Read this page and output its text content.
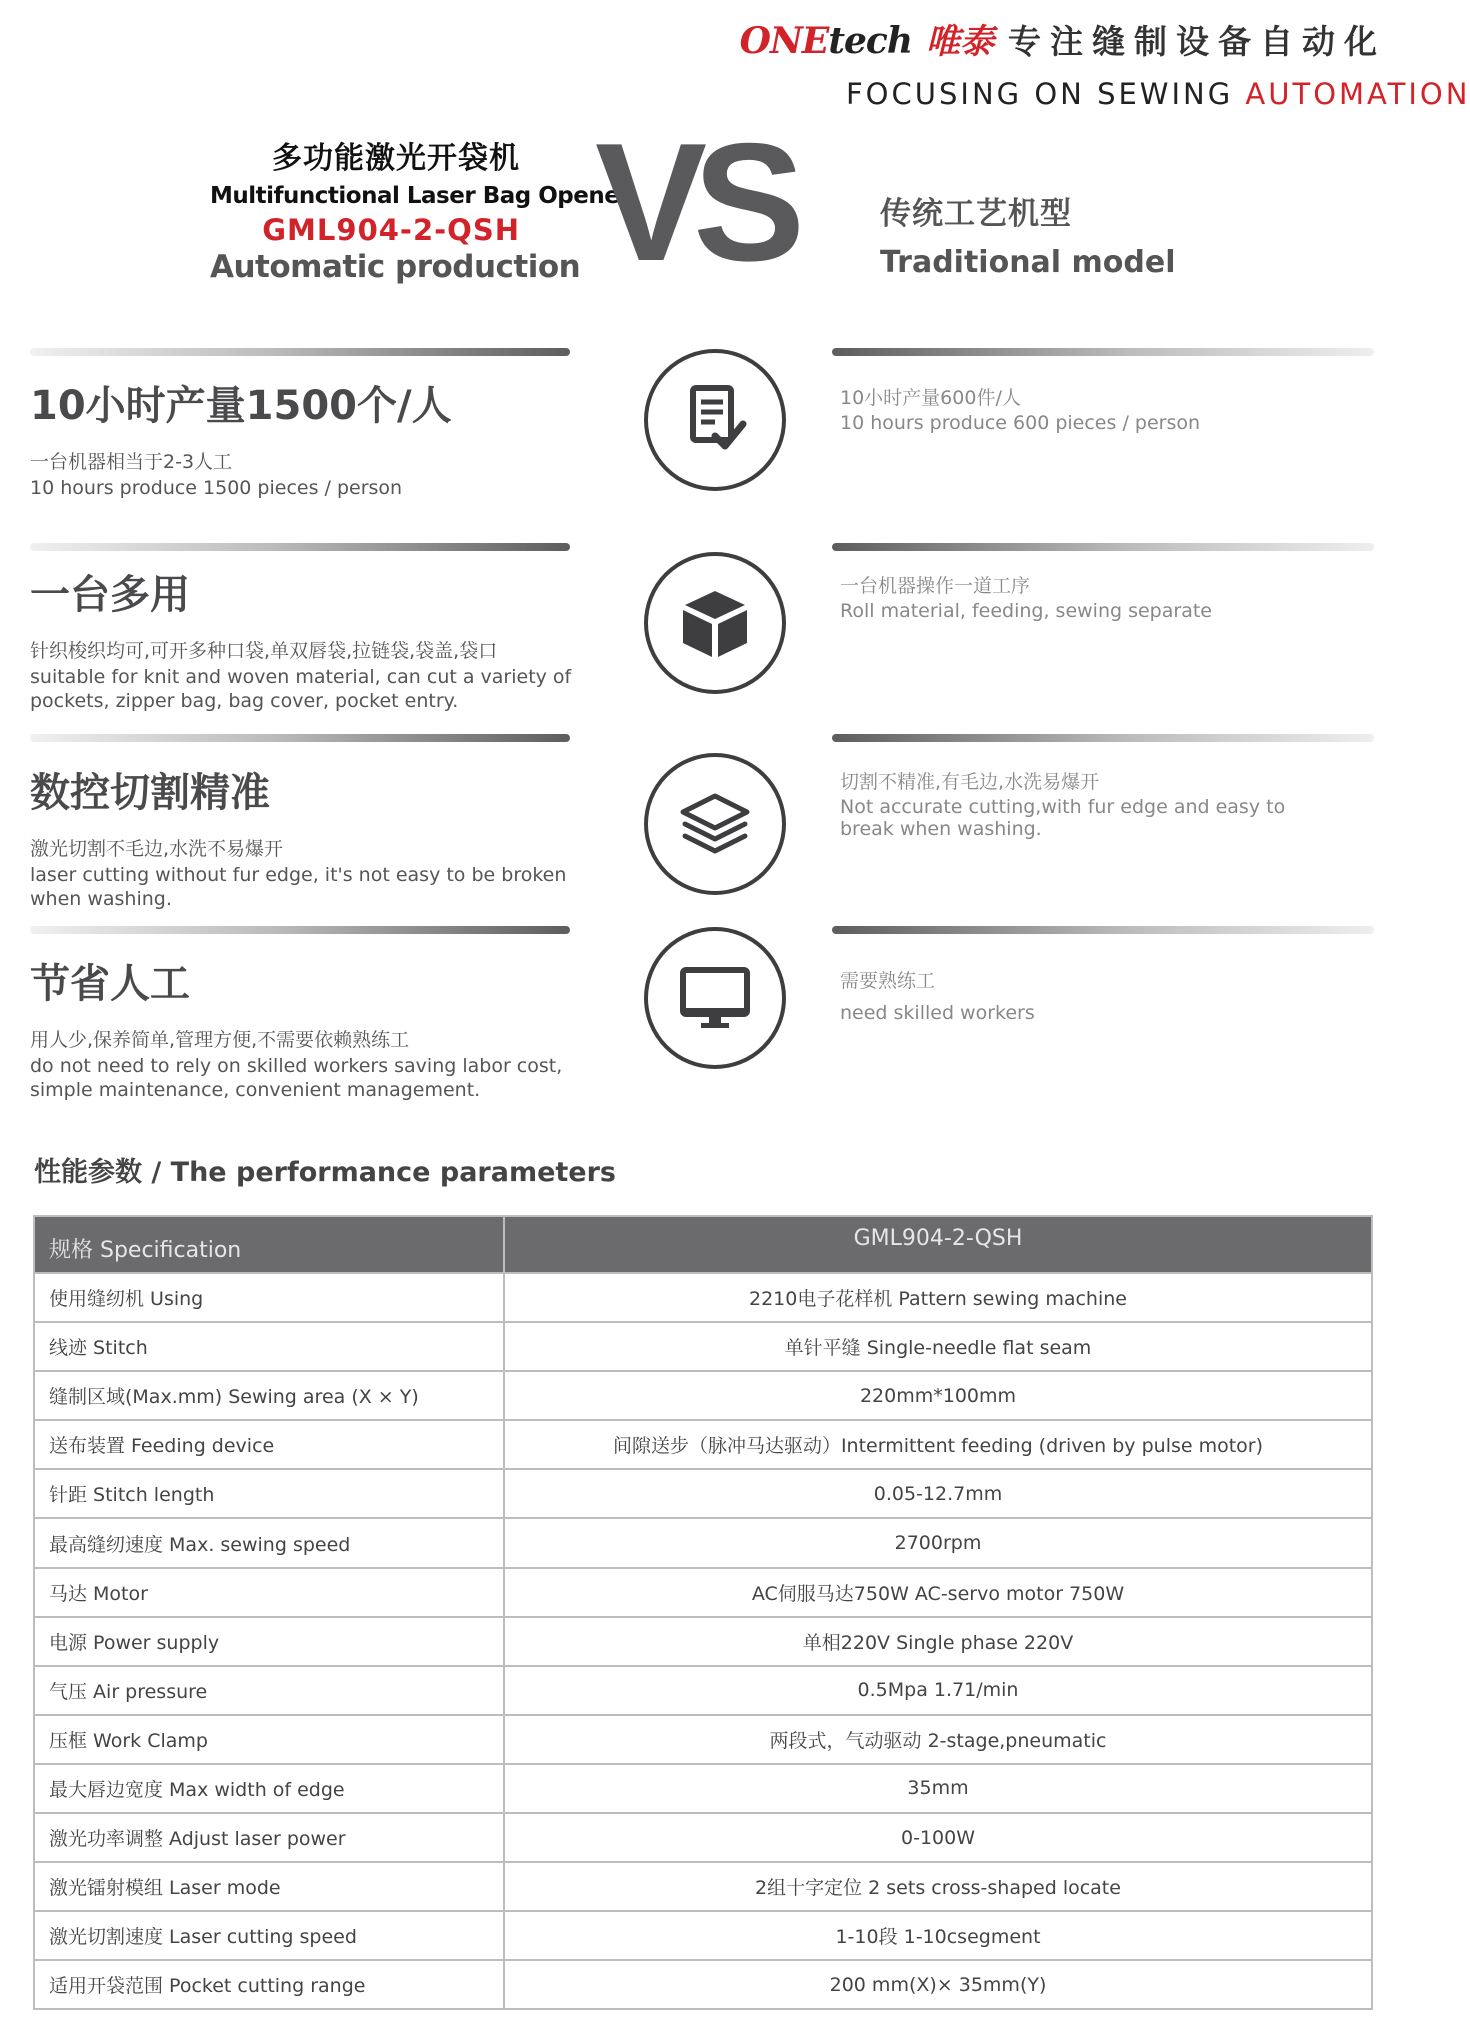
ONEtech 唯泰 专注缝制设备自动化
FOCUSING ON SEWING AUTOMATION
多功能激光开袋机
Multifunctional Laser Bag Opener
GML904-2-QSH
Automatic production VS	传统工艺机型
Traditional model
10小时产量1500个/人
一台机器相当于2-3人工
10 hours produce 1500 pieces / person
10小时产量600件/人
10 hours produce 600 pieces / person
一台多用
针织梭织均可,可开多种口袋,单双唇袋,拉链袋,袋盖,袋口
suitable for knit and woven material, can cut a variety of pockets, zipper bag, bag cover, pocket entry.
一台机器操作一道工序
Roll material, feeding, sewing separate
数控切割精准
激光切割不毛边,水洗不易爆开
laser cutting without fur edge, it's not easy to be broken when washing.
切割不精准,有毛边,水洗易爆开
Not accurate cutting,with fur edge and easy to break when washing.
节省人工
用人少,保养简单,管理方便,不需要依赖熟练工
do not need to rely on skilled workers saving labor cost, simple maintenance, convenient management.
需要熟练工
need skilled workers
性能参数 / The performance parameters
规格 Specification	GML904-2-QSH
使用缝纫机 Using	2210电子花样机 Pattern sewing machine
线迹 Stitch	单针平缝 Single-needle flat seam
缝制区域(Max.mm) Sewing area (X × Y)	220mm*100mm
送布装置 Feeding device	间隙送步（脉冲马达驱动）Intermittent feeding (driven by pulse motor)
针距 Stitch length	0.05-12.7mm
最高缝纫速度 Max. sewing speed	2700rpm
马达 Motor	AC伺服马达750W AC-servo motor 750W
电源 Power supply	单相220V Single phase 220V
气压 Air pressure	0.5Mpa 1.71/min
压框 Work Clamp	两段式，气动驱动 2-stage,pneumatic
最大唇边宽度 Max width of edge	35mm
激光功率调整 Adjust laser power	0-100W
激光镭射模组 Laser mode	2组十字定位 2 sets cross-shaped locate
激光切割速度 Laser cutting speed	1-10段 1-10csegment
适用开袋范围 Pocket cutting range	200 mm(X)× 35mm(Y)
